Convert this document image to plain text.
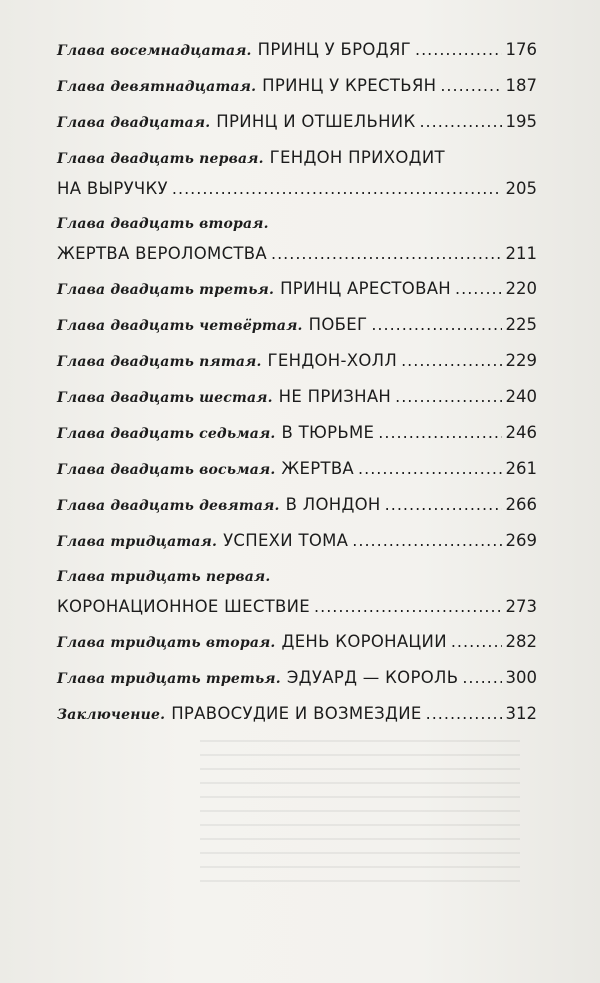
Глава восемнадцатая. ПРИНЦ У БРОДЯГ .....	176
Глава девятнадцатая. ПРИНЦ У КРЕСТЬЯН .....	187
Глава двадцатая. ПРИНЦ И ОТШЕЛЬНИК .....	195
Глава двадцать первая. ГЕНДОН ПРИХОДИТ
НА ВЫРУЧКУ .....	205
Глава двадцать вторая.
ЖЕРТВА ВЕРОЛОМСТВА .....	211
Глава двадцать третья. ПРИНЦ АРЕСТОВАН .....	220
Глава двадцать четвёртая. ПОБЕГ .....	225
Глава двадцать пятая. ГЕНДОН-ХОЛЛ .....	229
Глава двадцать шестая. НЕ ПРИЗНАН .....	240
Глава двадцать седьмая. В ТЮРЬМЕ .....	246
Глава двадцать восьмая. ЖЕРТВА .....	261
Глава двадцать девятая. В ЛОНДОН .....	266
Глава тридцатая. УСПЕХИ ТОМА .....	269
Глава тридцать первая.
КОРОНАЦИОННОЕ ШЕСТВИЕ .....	273
Глава тридцать вторая. ДЕНЬ КОРОНАЦИИ .....	282
Глава тридцать третья. ЭДУАРД — КОРОЛЬ .....	300
Заключение. ПРАВОСУДИЕ И ВОЗМЕЗДИЕ .....	312
